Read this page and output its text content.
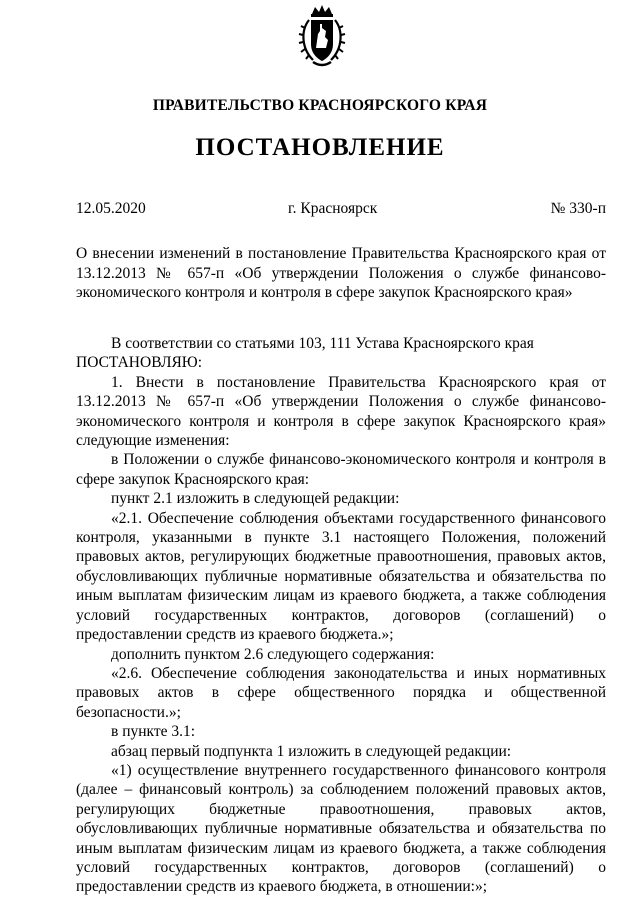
ПРАВИТЕЛЬСТВО КРАСНОЯРСКОГО КРАЯ
ПОСТАНОВЛЕНИЕ
12.05.2020	г. Красноярск	№ 330-п
О внесении изменений в постановление Правительства Красноярского края от 13.12.2013 № 657-п «Об утверждении Положения о службе финансово-экономического контроля и контроля в сфере закупок Красноярского края»

В соответствии со статьями 103, 111 Устава Красноярского края

ПОСТАНОВЛЯЮ:

1. Внести в постановление Правительства Красноярского края от 13.12.2013 № 657-п «Об утверждении Положения о службе финансово-экономического контроля и контроля в сфере закупок Красноярского края» следующие изменения:

в Положении о службе финансово-экономического контроля и контроля в сфере закупок Красноярского края:

пункт 2.1 изложить в следующей редакции:

«2.1. Обеспечение соблюдения объектами государственного финансового контроля, указанными в пункте 3.1 настоящего Положения, положений правовых актов, регулирующих бюджетные правоотношения, правовых актов, обусловливающих публичные нормативные обязательства и обязательства по иным выплатам физическим лицам из краевого бюджета, а также соблюдения условий государственных контрактов, договоров (соглашений) о предоставлении средств из краевого бюджета.»;

дополнить пунктом 2.6 следующего содержания:

«2.6. Обеспечение соблюдения законодательства и иных нормативных правовых актов в сфере общественного порядка и общественной безопасности.»;

в пункте 3.1:

абзац первый подпункта 1 изложить в следующей редакции:

«1) осуществление внутреннего государственного финансового контроля (далее – финансовый контроль) за соблюдением положений правовых актов, регулирующих бюджетные правоотношения, правовых актов, обусловливающих публичные нормативные обязательства и обязательства по иным выплатам физическим лицам из краевого бюджета, а также соблюдения условий государственных контрактов, договоров (соглашений) о предоставлении средств из краевого бюджета, в отношении:»;
